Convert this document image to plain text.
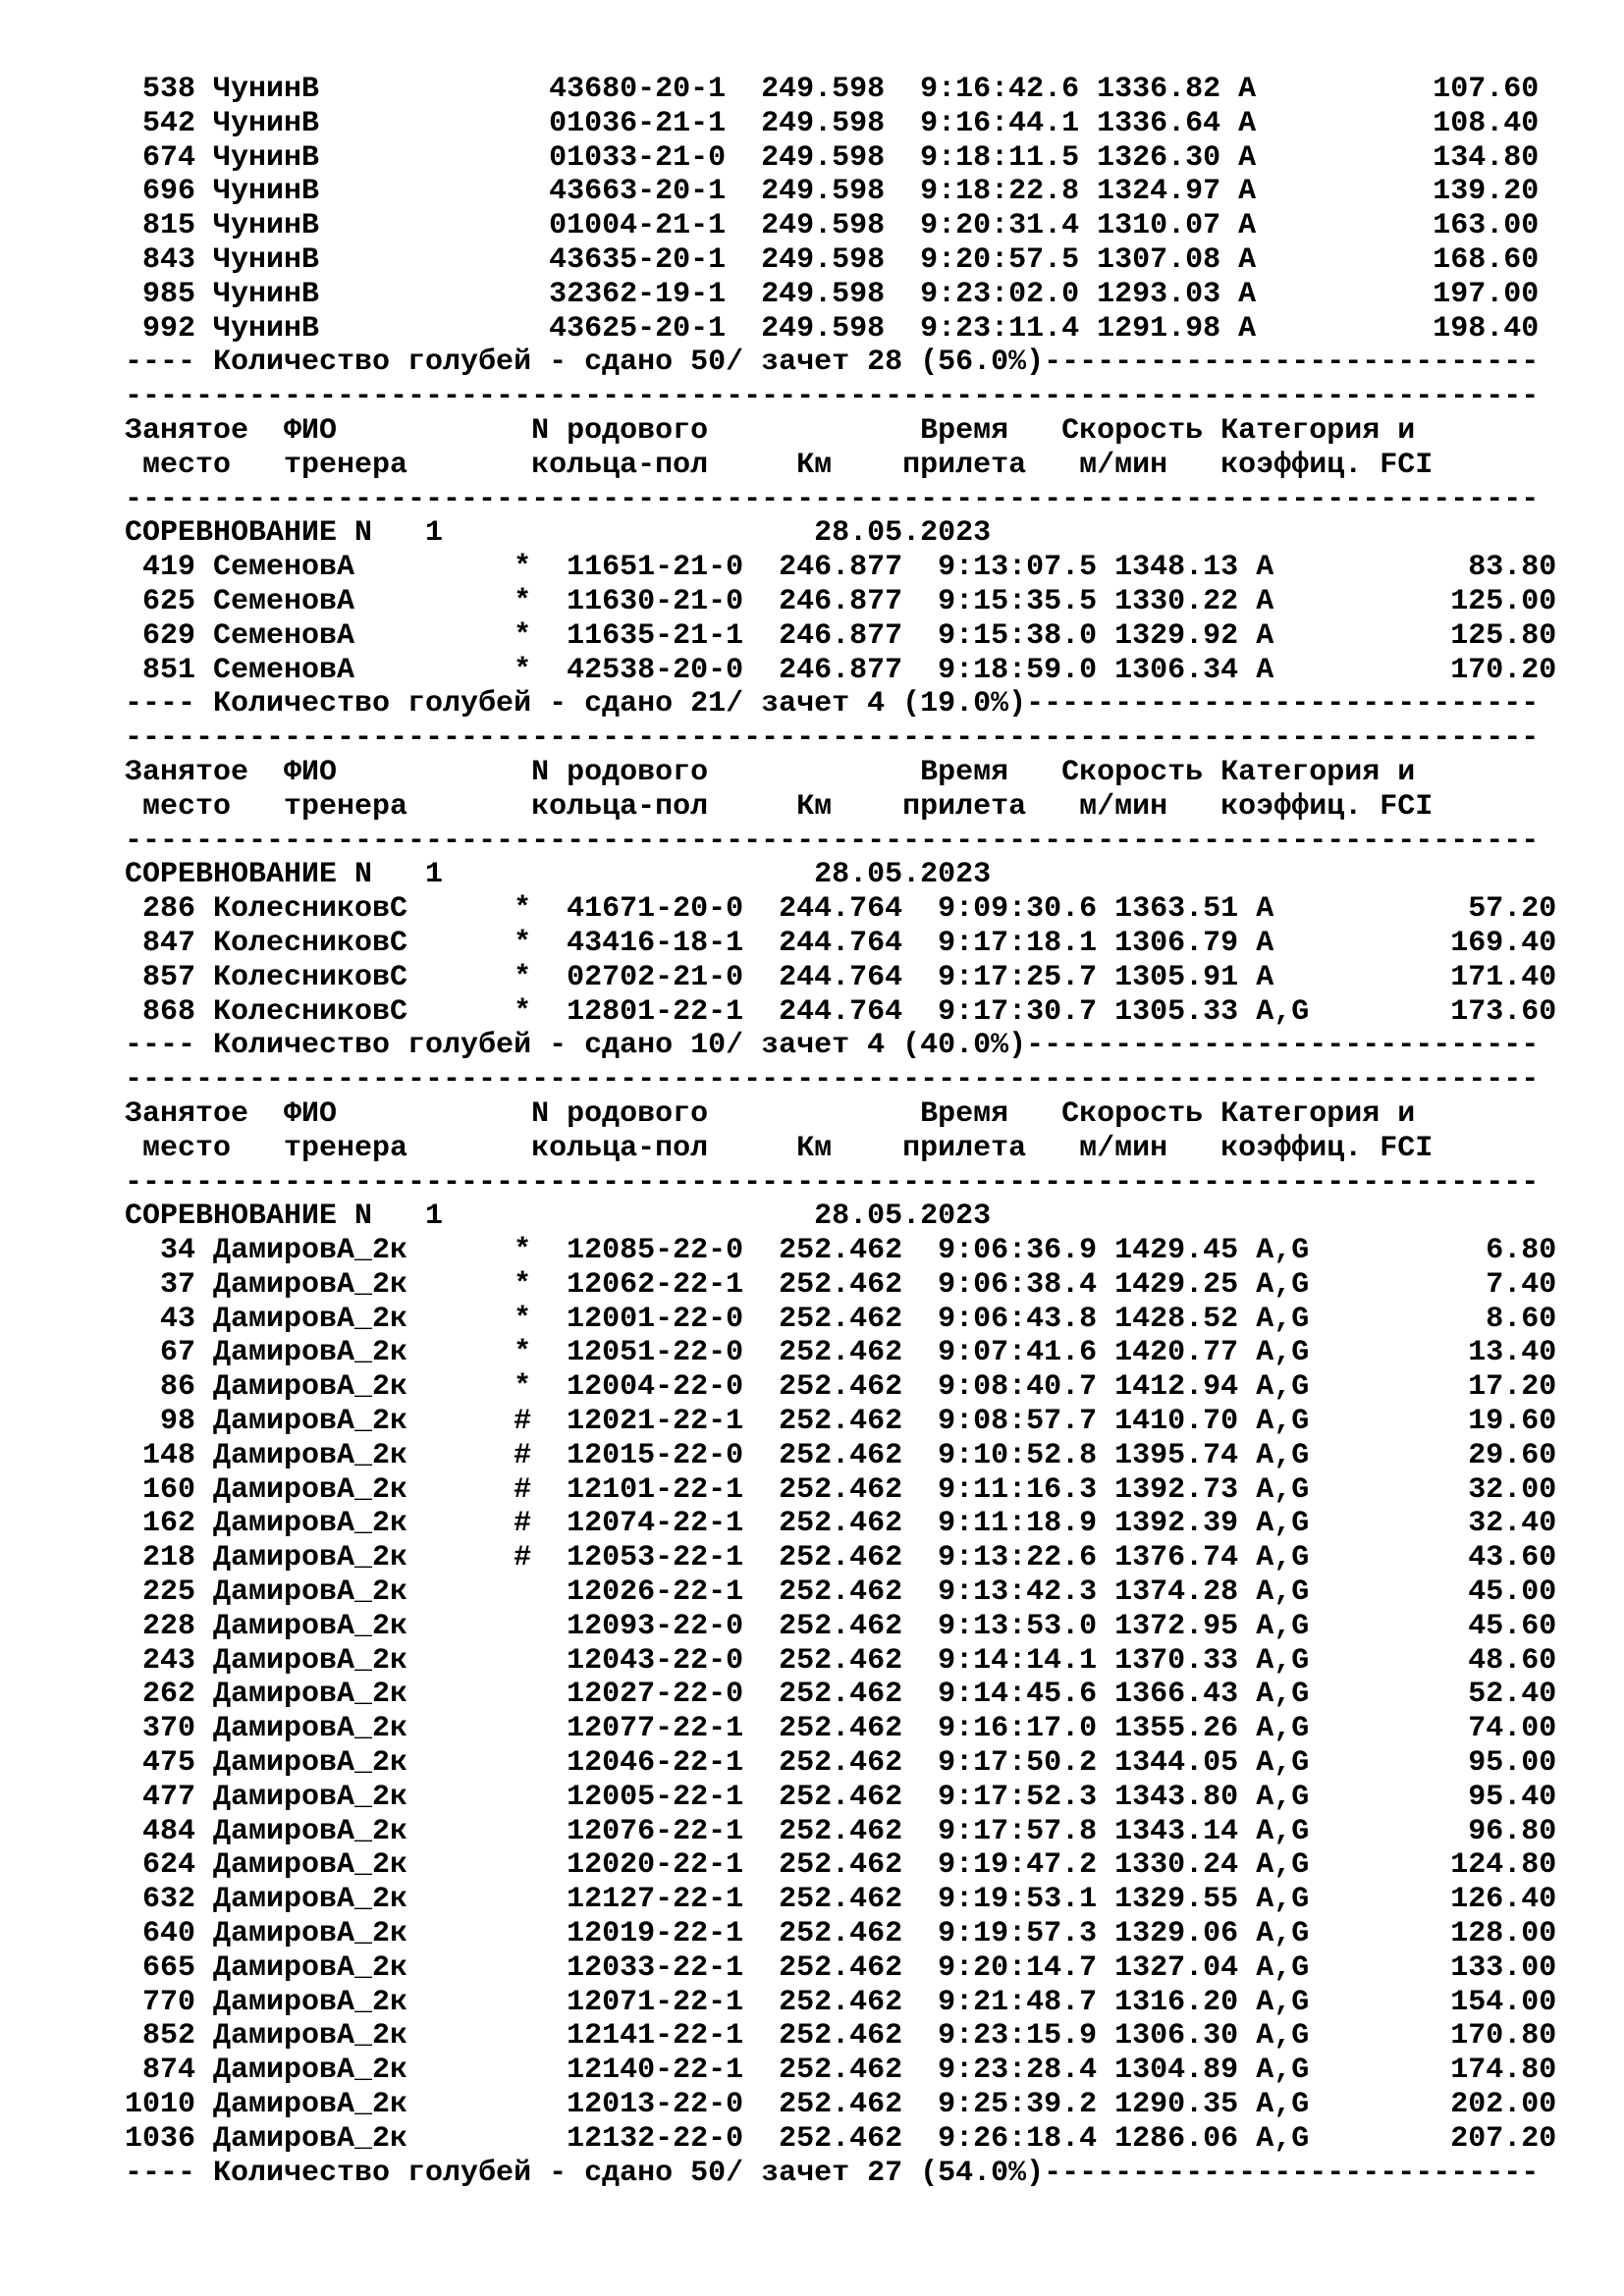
538 ЧунинВ             43680-20-1  249.598  9:16:42.6 1336.82 A          107.60
542 ЧунинВ             01036-21-1  249.598  9:16:44.1 1336.64 A          108.40
674 ЧунинВ             01033-21-0  249.598  9:18:11.5 1326.30 A          134.80
696 ЧунинВ             43663-20-1  249.598  9:18:22.8 1324.97 A          139.20
815 ЧунинВ             01004-21-1  249.598  9:20:31.4 1310.07 A          163.00
843 ЧунинВ             43635-20-1  249.598  9:20:57.5 1307.08 A          168.60
985 ЧунинВ             32362-19-1  249.598  9:23:02.0 1293.03 A          197.00
992 ЧунинВ             43625-20-1  249.598  9:23:11.4 1291.98 A          198.40
---- Количество голубей - сдано 50/ зачет 28 (56.0%)----------------------------
--------------------------------------------------------------------------------
Занятое  ФИО           N родового            Время   Скорость Категория и
место   тренера       кольца-пол     Км    прилета   м/мин   коэффиц. FCI
--------------------------------------------------------------------------------
СОРЕВНОВАНИЕ N   1                     28.05.2023
419 СеменовА         *  11651-21-0  246.877  9:13:07.5 1348.13 A           83.80
625 СеменовА         *  11630-21-0  246.877  9:15:35.5 1330.22 A          125.00
629 СеменовА         *  11635-21-1  246.877  9:15:38.0 1329.92 A          125.80
851 СеменовА         *  42538-20-0  246.877  9:18:59.0 1306.34 A          170.20
---- Количество голубей - сдано 21/ зачет 4 (19.0%)-----------------------------
--------------------------------------------------------------------------------
Занятое  ФИО           N родового            Время   Скорость Категория и
место   тренера       кольца-пол     Км    прилета   м/мин   коэффиц. FCI
--------------------------------------------------------------------------------
СОРЕВНОВАНИЕ N   1                     28.05.2023
286 КолесниковС      *  41671-20-0  244.764  9:09:30.6 1363.51 A           57.20
847 КолесниковС      *  43416-18-1  244.764  9:17:18.1 1306.79 A          169.40
857 КолесниковС      *  02702-21-0  244.764  9:17:25.7 1305.91 A          171.40
868 КолесниковС      *  12801-22-1  244.764  9:17:30.7 1305.33 A,G        173.60
---- Количество голубей - сдано 10/ зачет 4 (40.0%)-----------------------------
--------------------------------------------------------------------------------
Занятое  ФИО           N родового            Время   Скорость Категория и
место   тренера       кольца-пол     Км    прилета   м/мин   коэффиц. FCI
--------------------------------------------------------------------------------
СОРЕВНОВАНИЕ N   1                     28.05.2023
34 ДамировА_2к      *  12085-22-0  252.462  9:06:36.9 1429.45 A,G          6.80
37 ДамировА_2к      *  12062-22-1  252.462  9:06:38.4 1429.25 A,G          7.40
43 ДамировА_2к      *  12001-22-0  252.462  9:06:43.8 1428.52 A,G          8.60
67 ДамировА_2к      *  12051-22-0  252.462  9:07:41.6 1420.77 A,G         13.40
86 ДамировА_2к      *  12004-22-0  252.462  9:08:40.7 1412.94 A,G         17.20
98 ДамировА_2к      #  12021-22-1  252.462  9:08:57.7 1410.70 A,G         19.60
148 ДамировА_2к      #  12015-22-0  252.462  9:10:52.8 1395.74 A,G         29.60
160 ДамировА_2к      #  12101-22-1  252.462  9:11:16.3 1392.73 A,G         32.00
162 ДамировА_2к      #  12074-22-1  252.462  9:11:18.9 1392.39 A,G         32.40
218 ДамировА_2к      #  12053-22-1  252.462  9:13:22.6 1376.74 A,G         43.60
225 ДамировА_2к         12026-22-1  252.462  9:13:42.3 1374.28 A,G         45.00
228 ДамировА_2к         12093-22-0  252.462  9:13:53.0 1372.95 A,G         45.60
243 ДамировА_2к         12043-22-0  252.462  9:14:14.1 1370.33 A,G         48.60
262 ДамировА_2к         12027-22-0  252.462  9:14:45.6 1366.43 A,G         52.40
370 ДамировА_2к         12077-22-1  252.462  9:16:17.0 1355.26 A,G         74.00
475 ДамировА_2к         12046-22-1  252.462  9:17:50.2 1344.05 A,G         95.00
477 ДамировА_2к         12005-22-1  252.462  9:17:52.3 1343.80 A,G         95.40
484 ДамировА_2к         12076-22-1  252.462  9:17:57.8 1343.14 A,G         96.80
624 ДамировА_2к         12020-22-1  252.462  9:19:47.2 1330.24 A,G        124.80
632 ДамировА_2к         12127-22-1  252.462  9:19:53.1 1329.55 A,G        126.40
640 ДамировА_2к         12019-22-1  252.462  9:19:57.3 1329.06 A,G        128.00
665 ДамировА_2к         12033-22-1  252.462  9:20:14.7 1327.04 A,G        133.00
770 ДамировА_2к         12071-22-1  252.462  9:21:48.7 1316.20 A,G        154.00
852 ДамировА_2к         12141-22-1  252.462  9:23:15.9 1306.30 A,G        170.80
874 ДамировА_2к         12140-22-1  252.462  9:23:28.4 1304.89 A,G        174.80
1010 ДамировА_2к         12013-22-0  252.462  9:25:39.2 1290.35 A,G        202.00
1036 ДамировА_2к         12132-22-0  252.462  9:26:18.4 1286.06 A,G        207.20
---- Количество голубей - сдано 50/ зачет 27 (54.0%)----------------------------
